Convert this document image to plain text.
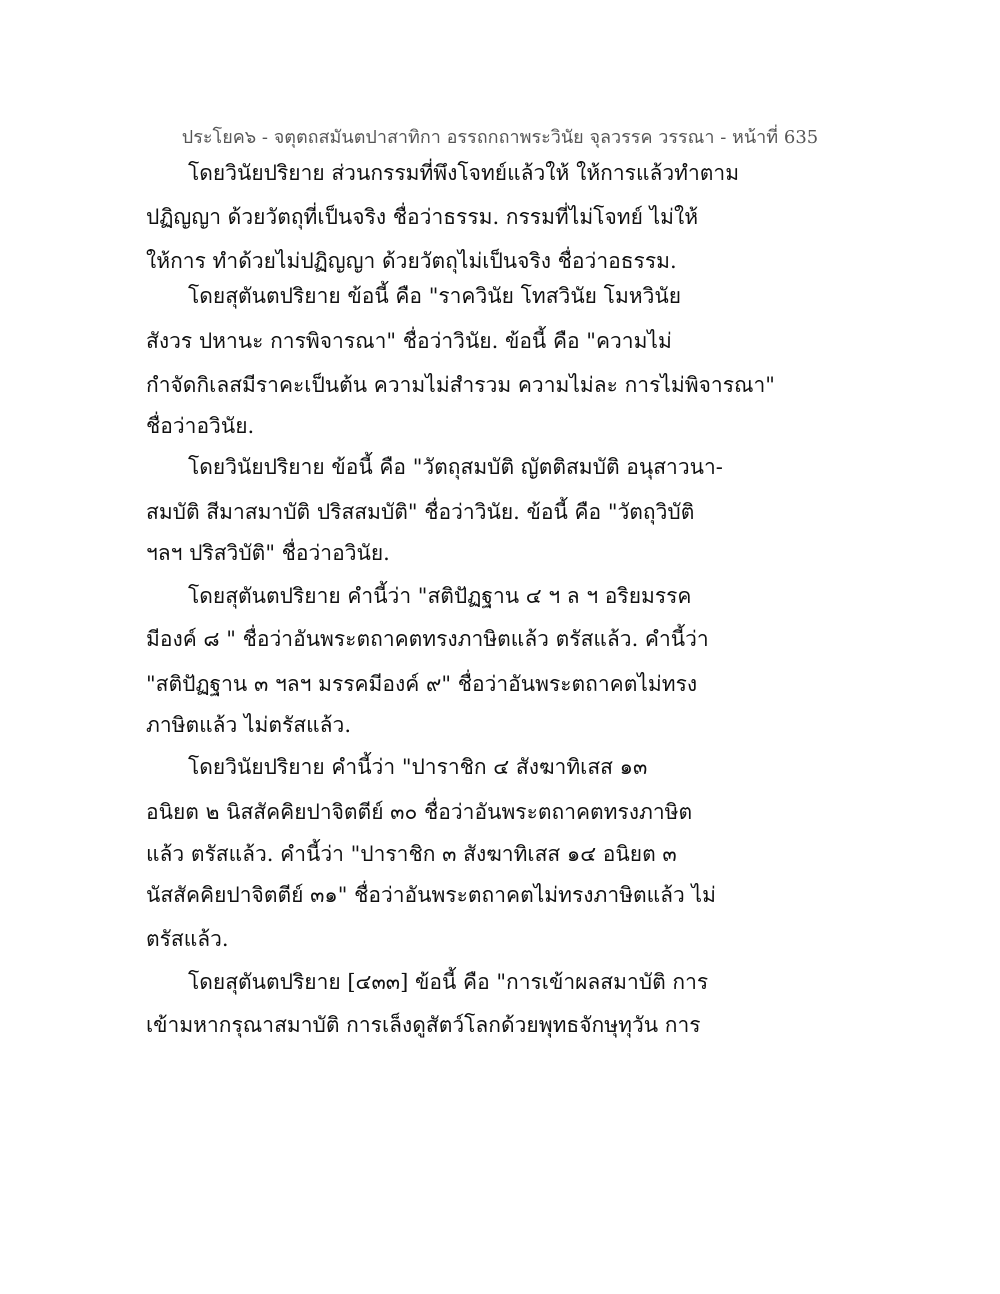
ประโยค๖ - จตุตถสมันตปาสาทิกา อรรถกถาพระวินัย จุลวรรค วรรณา - หน้าที่ 635
โดยวินัยปริยาย ส่วนกรรมที่พึงโจทย์แล้วให้ ให้การแล้วทำตาม
ปฏิญญา ด้วยวัตถุที่เป็นจริง ชื่อว่าธรรม. กรรมที่ไม่โจทย์ ไม่ให้
ให้การ ทำด้วยไม่ปฏิญญา ด้วยวัตถุไม่เป็นจริง ชื่อว่าอธรรม.
โดยสุตันตปริยาย ข้อนี้ คือ "ราควินัย โทสวินัย โมหวินัย
สังวร ปหานะ การพิจารณา" ชื่อว่าวินัย. ข้อนี้ คือ "ความไม่
กำจัดกิเลสมีราคะเป็นต้น ความไม่สำรวม ความไม่ละ การไม่พิจารณา"
ชื่อว่าอวินัย.
โดยวินัยปริยาย ข้อนี้ คือ "วัตถุสมบัติ ญัตติสมบัติ อนุสาวนา-
สมบัติ สีมาสมาบัติ ปริสสมบัติ" ชื่อว่าวินัย. ข้อนี้ คือ "วัตถุวิบัติ
ฯลฯ ปริสวิบัติ" ชื่อว่าอวินัย.
โดยสุตันตปริยาย คำนี้ว่า "สติปัฏฐาน ๔ ฯ ล ฯ อริยมรรค
มีองค์ ๘ " ชื่อว่าอันพระตถาคตทรงภาษิตแล้ว ตรัสแล้ว. คำนี้ว่า
"สติปัฏฐาน ๓ ฯลฯ มรรคมีองค์ ๙" ชื่อว่าอันพระตถาคตไม่ทรง
ภาษิตแล้ว ไม่ตรัสแล้ว.
โดยวินัยปริยาย คำนี้ว่า "ปาราชิก ๔ สังฆาทิเสส ๑๓
อนิยต ๒ นิสสัคคิยปาจิตตีย์ ๓๐ ชื่อว่าอันพระตถาคตทรงภาษิต
แล้ว ตรัสแล้ว. คำนี้ว่า "ปาราชิก ๓ สังฆาทิเสส ๑๔ อนิยต ๓
นัสสัคคิยปาจิตตีย์ ๓๑" ชื่อว่าอันพระตถาคตไม่ทรงภาษิตแล้ว ไม่
ตรัสแล้ว.
โดยสุตันตปริยาย [๔๓๓] ข้อนี้ คือ "การเข้าผลสมาบัติ การ
เข้ามหากรุณาสมาบัติ การเล็งดูสัตว์โลกด้วยพุทธจักษุทุวัน การ
